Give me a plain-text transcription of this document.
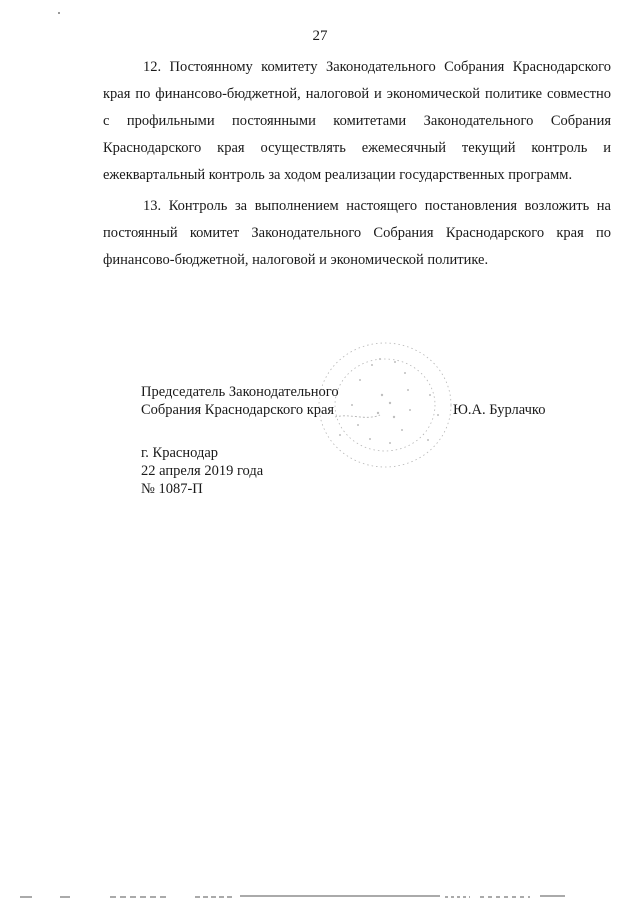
27

12. Постоянному комитету Законодательного Собрания Краснодарского края по финансово-бюджетной, налоговой и экономической политике совместно с профильными постоянными комитетами Законодательного Собрания Краснодарского края осуществлять ежемесячный текущий контроль и ежеквартальный контроль за ходом реализации государственных программ.

13. Контроль за выполнением настоящего постановления возложить на постоянный комитет Законодательного Собрания Краснодарского края по финансово-бюджетной, налоговой и экономической политике.

Председатель Законодательного
Собрания Краснодарского края	Ю.А. Бурлачко
г. Краснодар
22 апреля 2019 года
№ 1087-П
